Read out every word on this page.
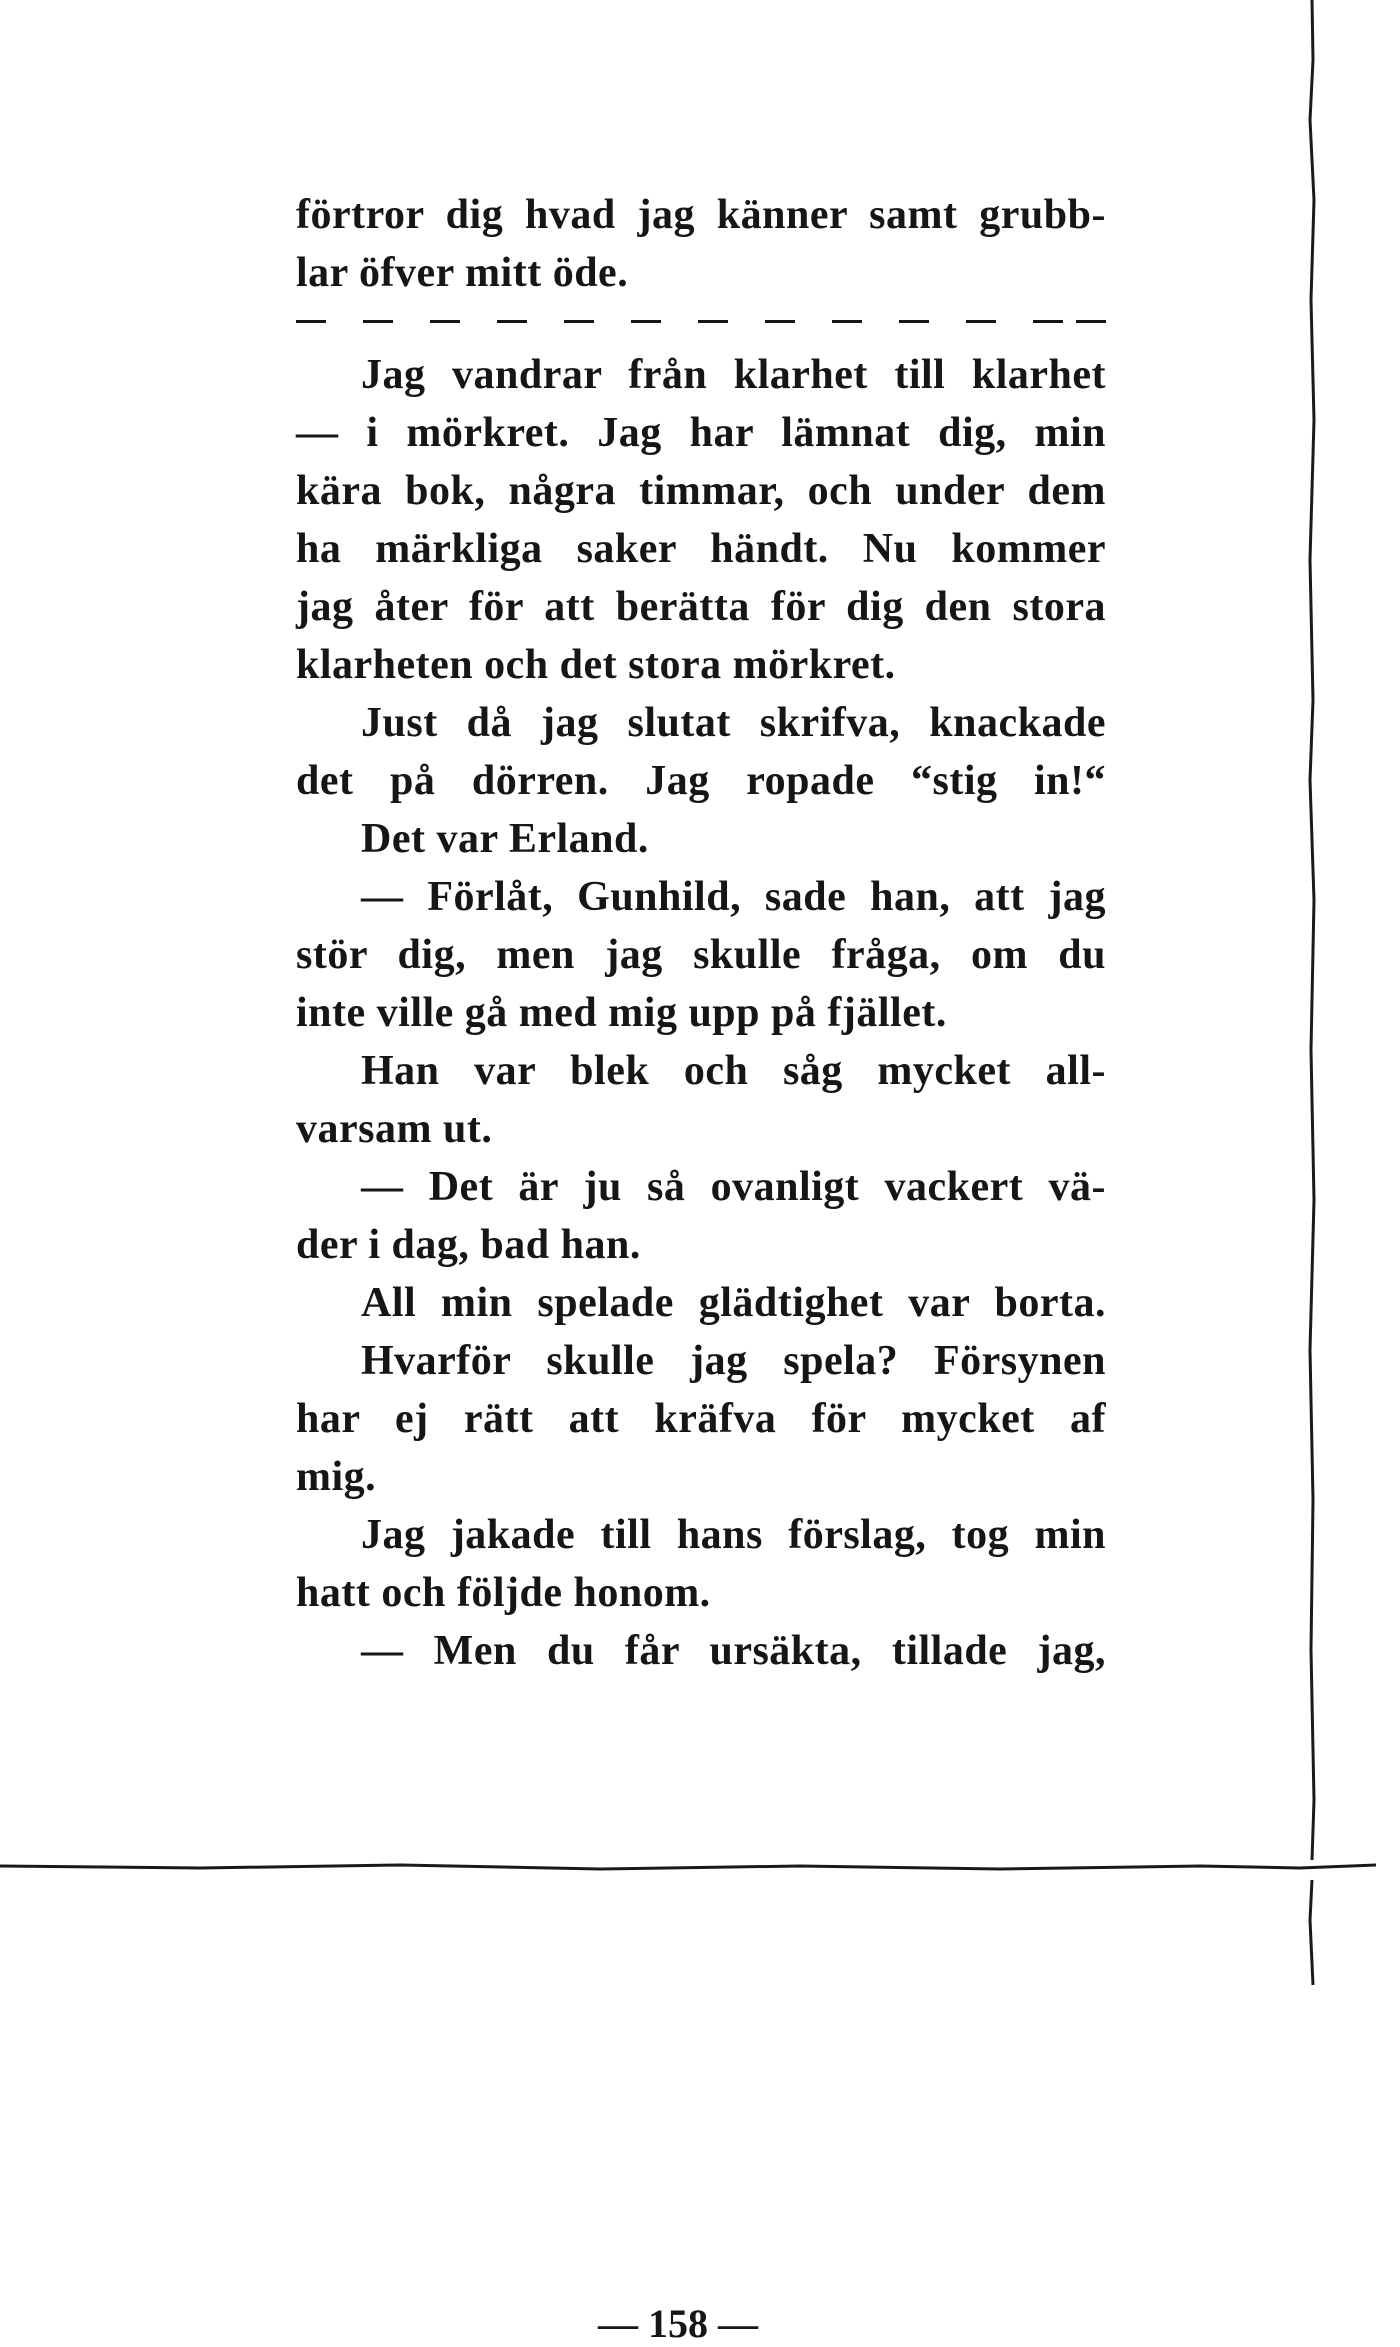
förtror dig hvad jag känner samt grubb-
lar öfver mitt öde.
Jag vandrar från klarhet till klarhet
— i mörkret. Jag har lämnat dig, min
kära bok, några timmar, och under dem
ha märkliga saker händt. Nu kommer
jag åter för att berätta för dig den stora
klarheten och det stora mörkret.
Just då jag slutat skrifva, knackade
det på dörren. Jag ropade “stig in!“
Det var Erland.
— Förlåt, Gunhild, sade han, att jag
stör dig, men jag skulle fråga, om du
inte ville gå med mig upp på fjället.
Han var blek och såg mycket all-
varsam ut.
— Det är ju så ovanligt vackert vä-
der i dag, bad han.
All min spelade glädtighet var borta.
Hvarför skulle jag spela? Försynen
har ej rätt att kräfva för mycket af
mig.
Jag jakade till hans förslag, tog min
hatt och följde honom.
— Men du får ursäkta, tillade jag,
— 158 —
